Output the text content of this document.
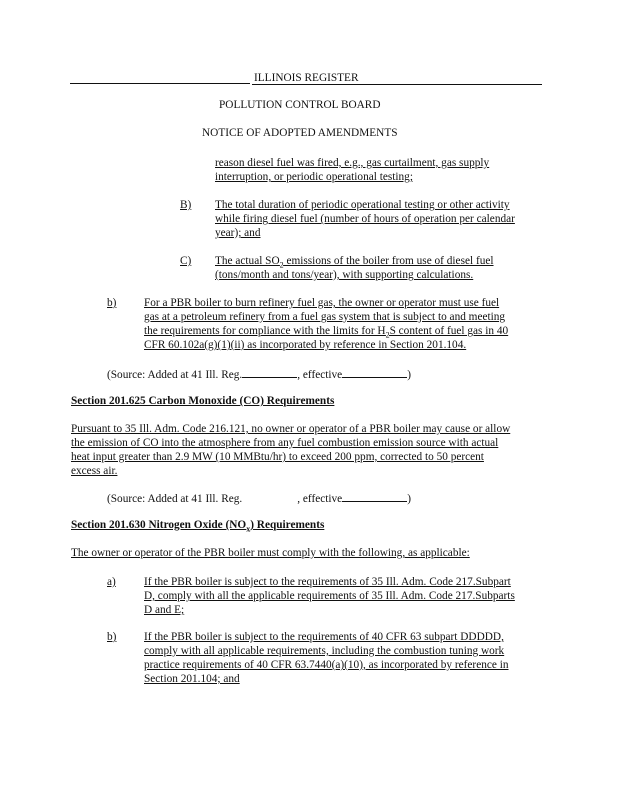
ILLINOIS REGISTER
POLLUTION CONTROL BOARD
NOTICE OF ADOPTED AMENDMENTS
reason diesel fuel was fired, e.g., gas curtailment, gas supply
interruption, or periodic operational testing;
B) The total duration of periodic operational testing or other activity
while firing diesel fuel (number of hours of operation per calendar
year); and
C) The actual $SO_2$ emissions of the boiler from use of diesel fuel
(tons/month and tons/year), with supporting calculations.
b) For a PBR boiler to burn refinery fuel gas, the owner or operator must use fuel
gas at a petroleum refinery from a fuel gas system that is subject to and meeting
the requirements for compliance with the limits for $H_2S$ content of fuel gas in 40
CFR 60.102a(g)(1)(ii) as incorporated by reference in Section 201.104.
(Source: Added at 41 Ill. Reg.	, effective	)
Section 201.625 Carbon Monoxide (CO) Requirements
Pursuant to 35 Ill. Adm. Code 216.121, no owner or operator of a PBR boiler may cause or allow
the emission of CO into the atmosphere from any fuel combustion emission source with actual
heat input greater than 2.9 MW (10 MMBtu/hr) to exceed 200 ppm, corrected to 50 percent
excess air.
(Source: Added at 41 Ill. Reg.	, effective	)
Section 201.630 Nitrogen Oxide $(NO_x)$ Requirements
The owner or operator of the PBR boiler must comply with the following, as applicable:
a) If the PBR boiler is subject to the requirements of 35 Ill. Adm. Code 217.Subpart
D, comply with all the applicable requirements of 35 Ill. Adm. Code 217.Subparts
D and E;
b) If the PBR boiler is subject to the requirements of 40 CFR 63 subpart DDDDD,
comply with all applicable requirements, including the combustion tuning work
practice requirements of 40 CFR 63.7440(a)(10), as incorporated by reference in
Section 201.104; and
